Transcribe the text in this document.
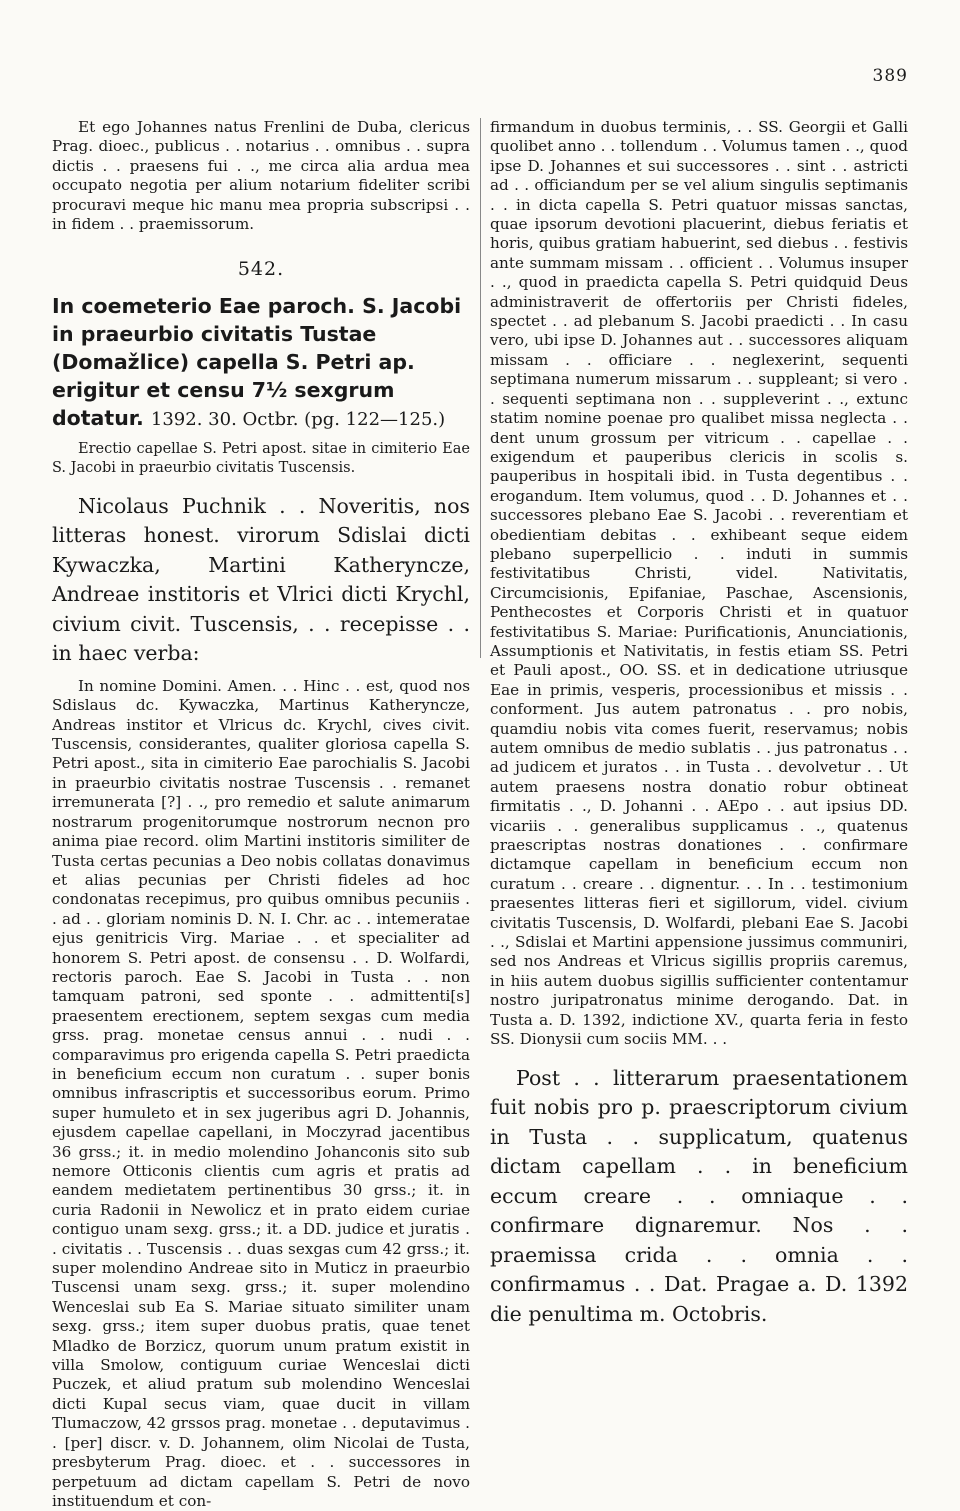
389

Et ego Johannes natus Frenlini de Duba, clericus Prag. dioec., publicus . . notarius . . omnibus . . supra dictis . . praesens fui . ., me circa alia ardua mea occupato negotia per alium notarium fideliter scribi procuravi meque hic manu mea propria subscripsi . . in fidem . . praemissorum.

542.
In coemeterio Eae paroch. S. Jacobi in praeurbio civitatis Tustae (Domažlice) capella S. Petri ap. erigitur et censu 7½ sexgrum dotatur. 1392. 30. Octbr. (pg. 122—125.)

Erectio capellae S. Petri apost. sitae in cimiterio Eae S. Jacobi in praeurbio civitatis Tuscensis.

Nicolaus Puchnik . . Noveritis, nos litteras honest. virorum Sdislai dicti Kywaczka, Martini Katheryncze, Andreae institoris et Vlrici dicti Krychl, civium civit. Tuscensis, . . recepisse . . in haec verba:

In nomine Domini. Amen. . . Hinc . . est, quod nos Sdislaus dc. Kywaczka, Martinus Katheryncze, Andreas institor et Vlricus dc. Krychl, cives civit. Tuscensis, considerantes, qualiter gloriosa capella S. Petri apost., sita in cimiterio Eae parochialis S. Jacobi in praeurbio civitatis nostrae Tuscensis . . remanet irremunerata [?] . ., pro remedio et salute animarum nostrarum progenitorumque nostrorum necnon pro anima piae record. olim Martini institoris similiter de Tusta certas pecunias a Deo nobis collatas donavimus et alias pecunias per Christi fideles ad hoc condonatas recepimus, pro quibus omnibus pecuniis . . ad . . gloriam nominis D. N. I. Chr. ac . . intemeratae ejus genitricis Virg. Mariae . . et specialiter ad honorem S. Petri apost. de consensu . . D. Wolfardi, rectoris paroch. Eae S. Jacobi in Tusta . . non tamquam patroni, sed sponte . . admittenti[s] praesentem erectionem, septem sexgas cum media grss. prag. monetae census annui . . nudi . . comparavimus pro erigenda capella S. Petri praedicta in beneficium eccum non curatum . . super bonis omnibus infrascriptis et successoribus eorum. Primo super humuleto et in sex jugeribus agri D. Johannis, ejusdem capellae capellani, in Moczyrad jacentibus 36 grss.; it. in medio molendino Johanconis sito sub nemore Otticonis clientis cum agris et pratis ad eandem medietatem pertinentibus 30 grss.; it. in curia Radonii in Newolicz et in prato eidem curiae contiguo unam sexg. grss.; it. a DD. judice et juratis . . civitatis . . Tuscensis . . duas sexgas cum 42 grss.; it. super molendino Andreae sito in Muticz in praeurbio Tuscensi unam sexg. grss.; it. super molendino Wenceslai sub Ea S. Mariae situato similiter unam sexg. grss.; item super duobus pratis, quae tenet Mladko de Borzicz, quorum unum pratum existit in villa Smolow, contiguum curiae Wenceslai dicti Puczek, et aliud pratum sub molendino Wenceslai dicti Kupal secus viam, quae ducit in villam Tlumaczow, 42 grssos prag. monetae . . deputavimus . . [per] discr. v. D. Johannem, olim Nicolai de Tusta, presbyterum Prag. dioec. et . . successores in perpetuum ad dictam capellam S. Petri de novo instituendum et con-

firmandum in duobus terminis, . . SS. Georgii et Galli quolibet anno . . tollendum . . Volumus tamen . ., quod ipse D. Johannes et sui successores . . sint . . astricti ad . . officiandum per se vel alium singulis septimanis . . in dicta capella S. Petri quatuor missas sanctas, quae ipsorum devotioni placuerint, diebus feriatis et horis, quibus gratiam habuerint, sed diebus . . festivis ante summam missam . . officient . . Volumus insuper . ., quod in praedicta capella S. Petri quidquid Deus administraverit de offertoriis per Christi fideles, spectet . . ad plebanum S. Jacobi praedicti . . In casu vero, ubi ipse D. Johannes aut . . successores aliquam missam . . officiare . . neglexerint, sequenti septimana numerum missarum . . suppleant; si vero . . sequenti septimana non . . suppleverint . ., extunc statim nomine poenae pro qualibet missa neglecta . . dent unum grossum per vitricum . . capellae . . exigendum et pauperibus clericis in scolis s. pauperibus in hospitali ibid. in Tusta degentibus . . erogandum. Item volumus, quod . . D. Johannes et . . successores plebano Eae S. Jacobi . . reverentiam et obedientiam debitas . . exhibeant seque eidem plebano superpellicio . . induti in summis festivitatibus Christi, videl. Nativitatis, Circumcisionis, Epifaniae, Paschae, Ascensionis, Penthecostes et Corporis Christi et in quatuor festivitatibus S. Mariae: Purificationis, Anunciationis, Assumptionis et Nativitatis, in festis etiam SS. Petri et Pauli apost., OO. SS. et in dedicatione utriusque Eae in primis, vesperis, processionibus et missis . . conforment. Jus autem patronatus . . pro nobis, quamdiu nobis vita comes fuerit, reservamus; nobis autem omnibus de medio sublatis . . jus patronatus . . ad judicem et juratos . . in Tusta . . devolvetur . . Ut autem praesens nostra donatio robur obtineat firmitatis . ., D. Johanni . . AEpo . . aut ipsius DD. vicariis . . generalibus supplicamus . ., quatenus praescriptas nostras donationes . . confirmare dictamque capellam in beneficium eccum non curatum . . creare . . dignentur. . . In . . testimonium praesentes litteras fieri et sigillorum, videl. civium civitatis Tuscensis, D. Wolfardi, plebani Eae S. Jacobi . ., Sdislai et Martini appensione jussimus communiri, sed nos Andreas et Vlricus sigillis propriis caremus, in hiis autem duobus sigillis sufficienter contentamur nostro juripatronatus minime derogando. Dat. in Tusta a. D. 1392, indictione XV., quarta feria in festo SS. Dionysii cum sociis MM. . .

Post . . litterarum praesentationem fuit nobis pro p. praescriptorum civium in Tusta . . supplicatum, quatenus dictam capellam . . in beneficium eccum creare . . omniaque . . confirmare dignaremur. Nos . . praemissa crida . . omnia . . confirmamus . . Dat. Pragae a. D. 1392 die penultima m. Octobris.
